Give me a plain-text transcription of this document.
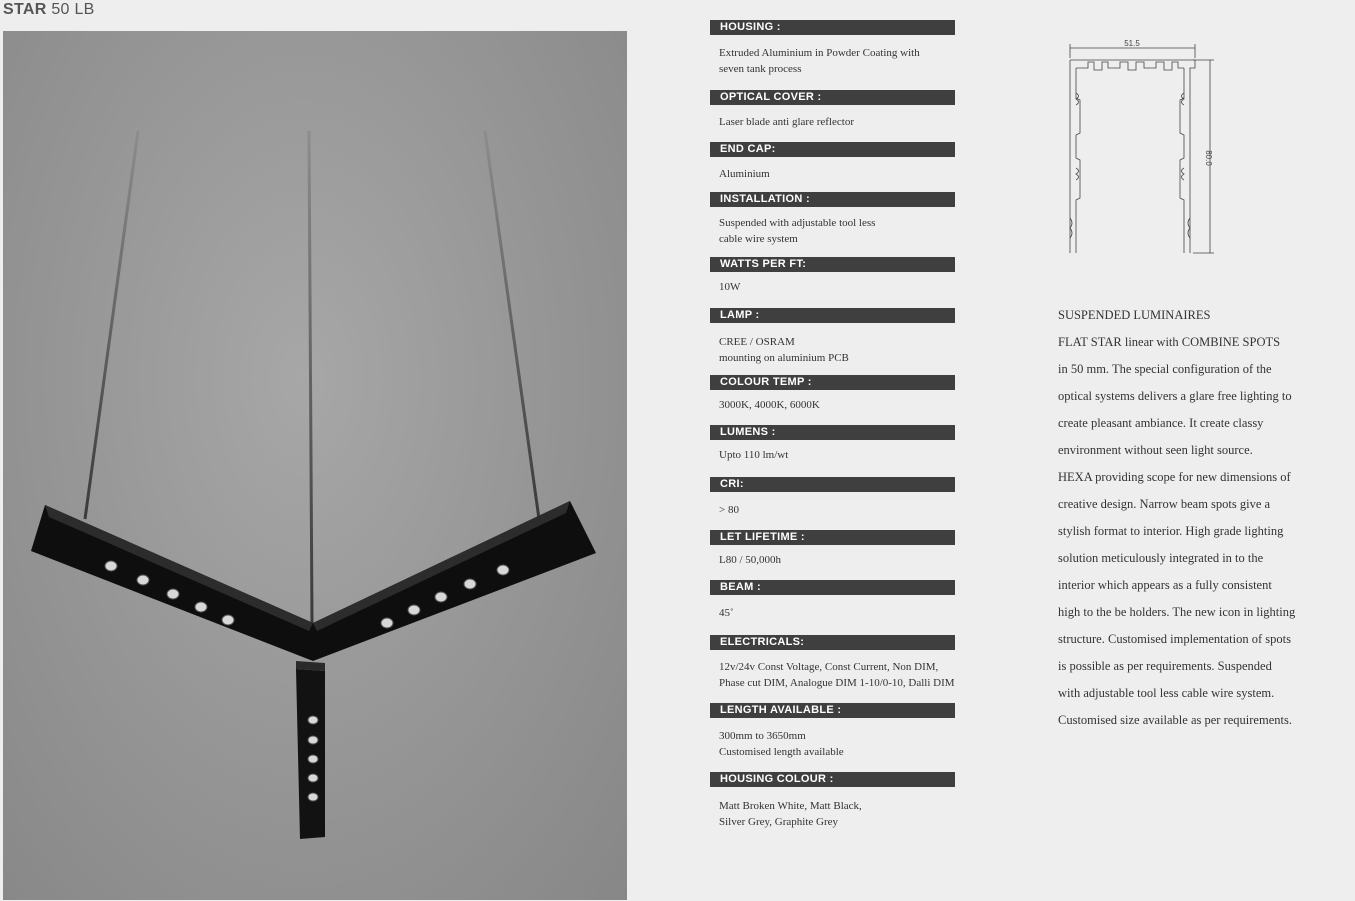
STAR 50 LB
HOUSING :
Extruded Aluminium in Powder Coating with
seven tank process
OPTICAL COVER :
Laser blade anti glare reflector
END CAP:
Aluminium
INSTALLATION :
Suspended with adjustable tool less
cable wire system
WATTS PER FT:
10W
LAMP :
CREE / OSRAM
mounting on aluminium PCB
COLOUR TEMP :
3000K, 4000K, 6000K
LUMENS :
Upto 110 lm/wt
CRI:
> 80
LET LIFETIME :
L80 / 50,000h
BEAM :
45˚
ELECTRICALS:
12v/24v Const Voltage, Const Current, Non DIM,
Phase cut DIM, Analogue DIM 1-10/0-10, Dalli DIM
LENGTH AVAILABLE :
300mm to 3650mm
Customised length available
HOUSING COLOUR :
Matt Broken White, Matt Black,
Silver Grey, Graphite Grey
51.5
80.0
SUSPENDED LUMINAIRES
FLAT STAR linear with COMBINE SPOTS
in 50 mm. The special configuration of the
optical systems delivers a glare free lighting to
create pleasant ambiance. It create classy
environment without seen light source.
HEXA providing scope for new dimensions of
creative design. Narrow beam spots give a
stylish format to interior. High grade lighting
solution meticulously integrated in to the
interior which appears as a fully consistent
high to the be holders. The new icon in lighting
structure. Customised implementation of spots
is possible as per requirements. Suspended
with adjustable tool less cable wire system.
Customised size available as per requirements.
